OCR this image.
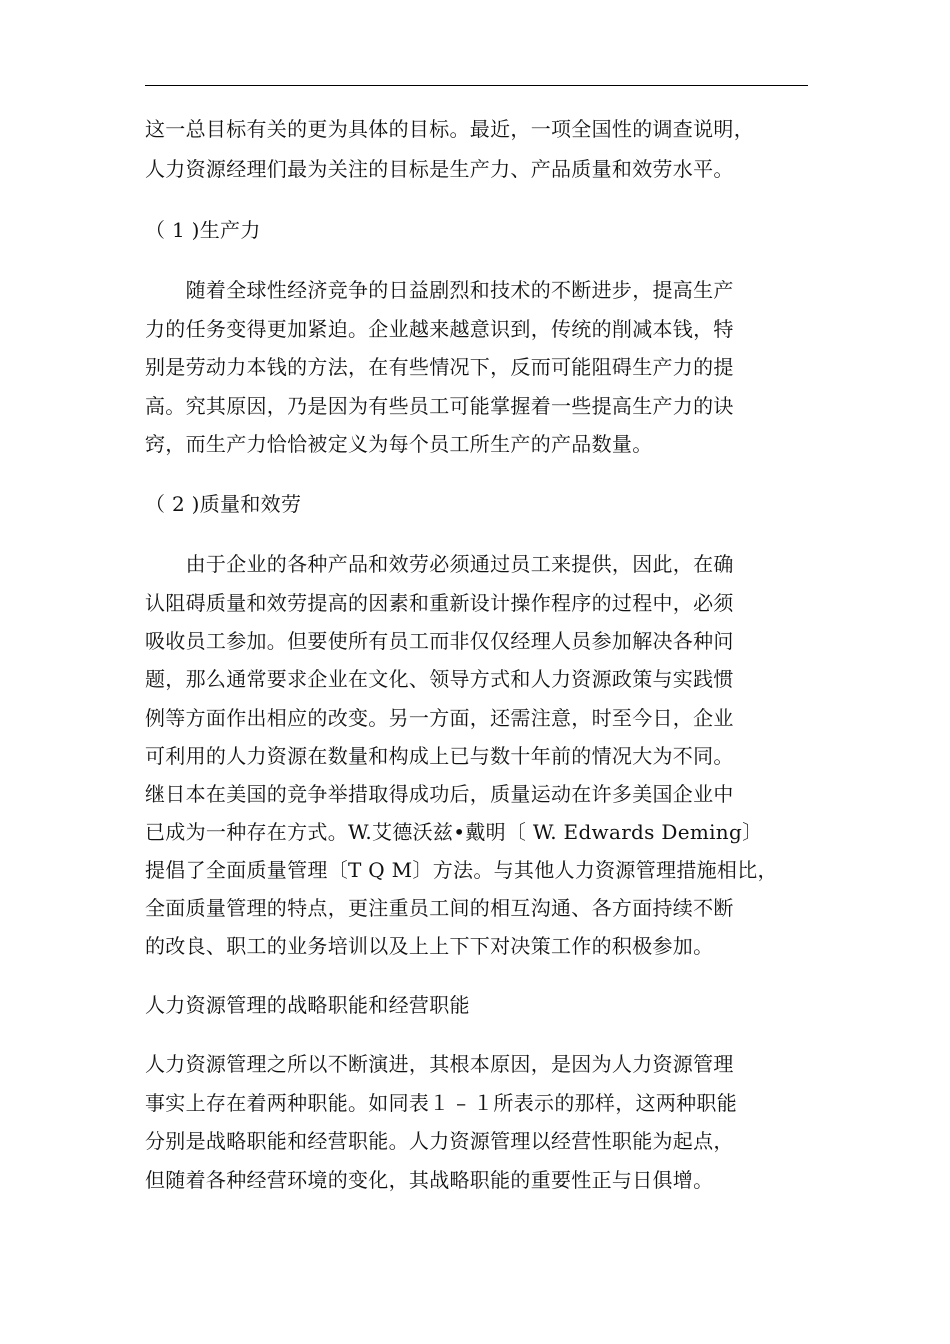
这一总目标有关的更为具体的目标。最近，一项全国性的调查说明，
人力资源经理们最为关注的目标是生产力、产品质量和效劳水平。
（ 1 )生产力
　　随着全球性经济竞争的日益剧烈和技术的不断进步，提高生产
力的任务变得更加紧迫。企业越来越意识到，传统的削减本钱，特
别是劳动力本钱的方法，在有些情况下，反而可能阻碍生产力的提
高。究其原因，乃是因为有些员工可能掌握着一些提高生产力的诀
窍，而生产力恰恰被定义为每个员工所生产的产品数量。
（ 2 )质量和效劳
　　由于企业的各种产品和效劳必须通过员工来提供，因此，在确
认阻碍质量和效劳提高的因素和重新设计操作程序的过程中，必须
吸收员工参加。但要使所有员工而非仅仅经理人员参加解决各种问
题，那么通常要求企业在文化、领导方式和人力资源政策与实践惯
例等方面作出相应的改变。另一方面，还需注意，时至今日，企业
可利用的人力资源在数量和构成上已与数十年前的情况大为不同。
继日本在美国的竞争举措取得成功后，质量运动在许多美国企业中
已成为一种存在方式。W.艾德沃兹•戴明〔 W. Edwards Deming〕
提倡了全面质量管理〔T Q M〕方法。与其他人力资源管理措施相比，
全面质量管理的特点，更注重员工间的相互沟通、各方面持续不断
的改良、职工的业务培训以及上上下下对决策工作的积极参加。
人力资源管理的战略职能和经营职能
人力资源管理之所以不断演进，其根本原因，是因为人力资源管理
事实上存在着两种职能。如同表１ – １所表示的那样，这两种职能
分别是战略职能和经营职能。人力资源管理以经营性职能为起点，
但随着各种经营环境的变化，其战略职能的重要性正与日俱增。
